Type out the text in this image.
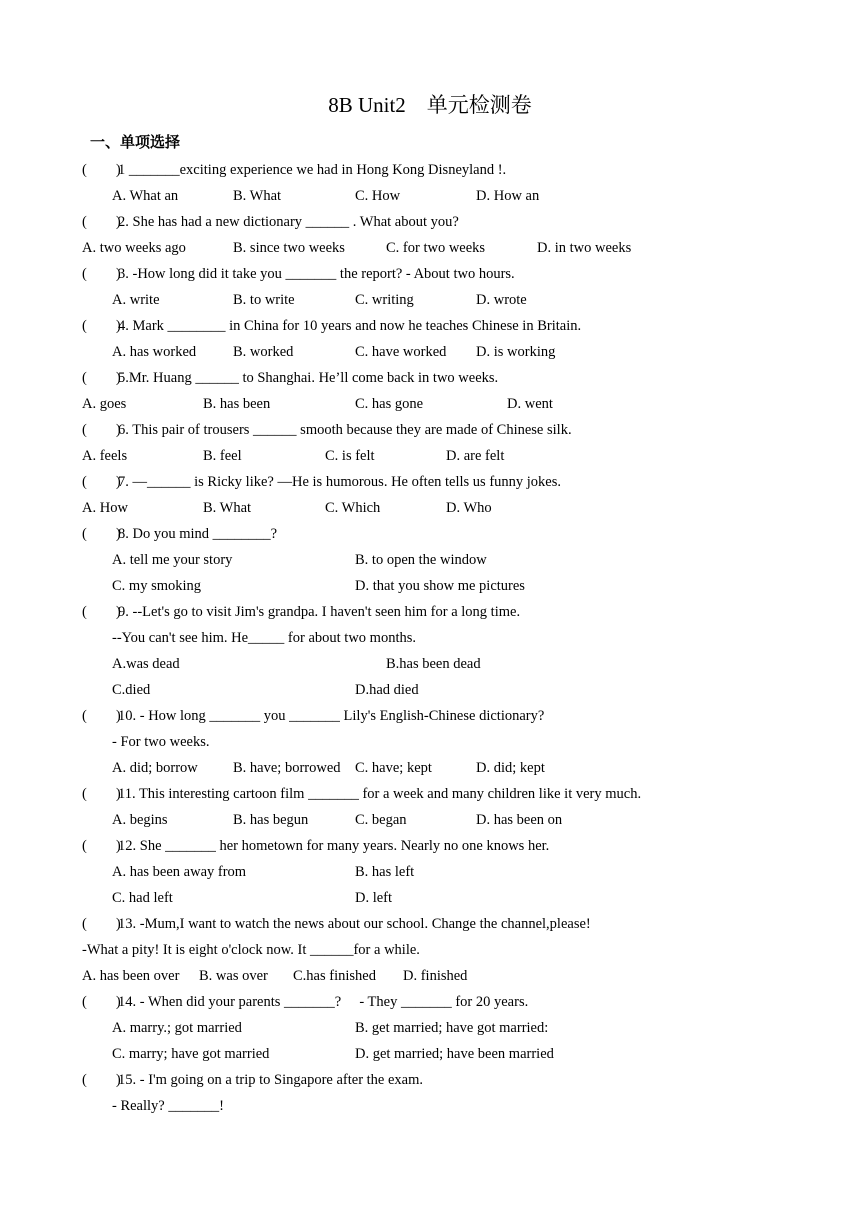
8B Unit2　单元检测卷
一、单项选择
(　　)1 _______exciting experience we had in Hong Kong Disneyland !.
A. What an	B. What	C. How	D. How an
(　　)2. She has had a new dictionary ______ . What about you?
A. two weeks ago	B. since two weeks	C. for two weeks	D. in two weeks
(　　)3. -How long did it take you _______ the report? - About two hours.
A. write	B. to write	C. writing	D. wrote
(　　)4. Mark ________ in China for 10 years and now he teaches Chinese in Britain.
A. has worked	B. worked	C. have worked D. is working
(　　)5.Mr. Huang ______ to Shanghai. He’ll come back in two weeks.
A. goes	B. has been	C. has gone	D. went
(　　)6. This pair of trousers ______ smooth because they are made of Chinese silk.
A. feels	B. feel	C. is felt	D. are felt
(　　)7. —______ is Ricky like? —He is humorous. He often tells us funny jokes.
A. How	B. What	C. Which	D. Who
(　　)8. Do you mind ________?
A. tell me your story	B. to open the window
C. my smoking	D. that you show me pictures
(　　)9. --Let's go to visit Jim's grandpa. I haven't seen him for a long time.
--You can't see him. He_____ for about two months.
A.was dead	B.has been dead
C.died	D.had died
(　　)10. - How long _______ you _______ Lily's English-Chinese dictionary?
- For two weeks.
A. did; borrow B. have; borrowed C. have; kept	D. did; kept
(　　)11. This interesting cartoon film _______ for a week and many children like it very much.
A. begins	B. has begun	C. began	D. has been on
(　　)12. She _______ her hometown for many years. Nearly no one knows her.
A. has been away from	B. has left
C. had left	D. left
(　　)13. -Mum,I want to watch the news about our school. Change the channel,please!
-What a pity! It is eight o'clock now. It ______for a while.
A. has been over B. was over C.has finished D. finished
(　　)14. - When did your parents _______?     - They _______ for 20 years.
A. marry.; got married	B. get married; have got married:
C. marry; have got married	D. get married; have been married
(　　)15. - I'm going on a trip to Singapore after the exam.
- Really? _______!
